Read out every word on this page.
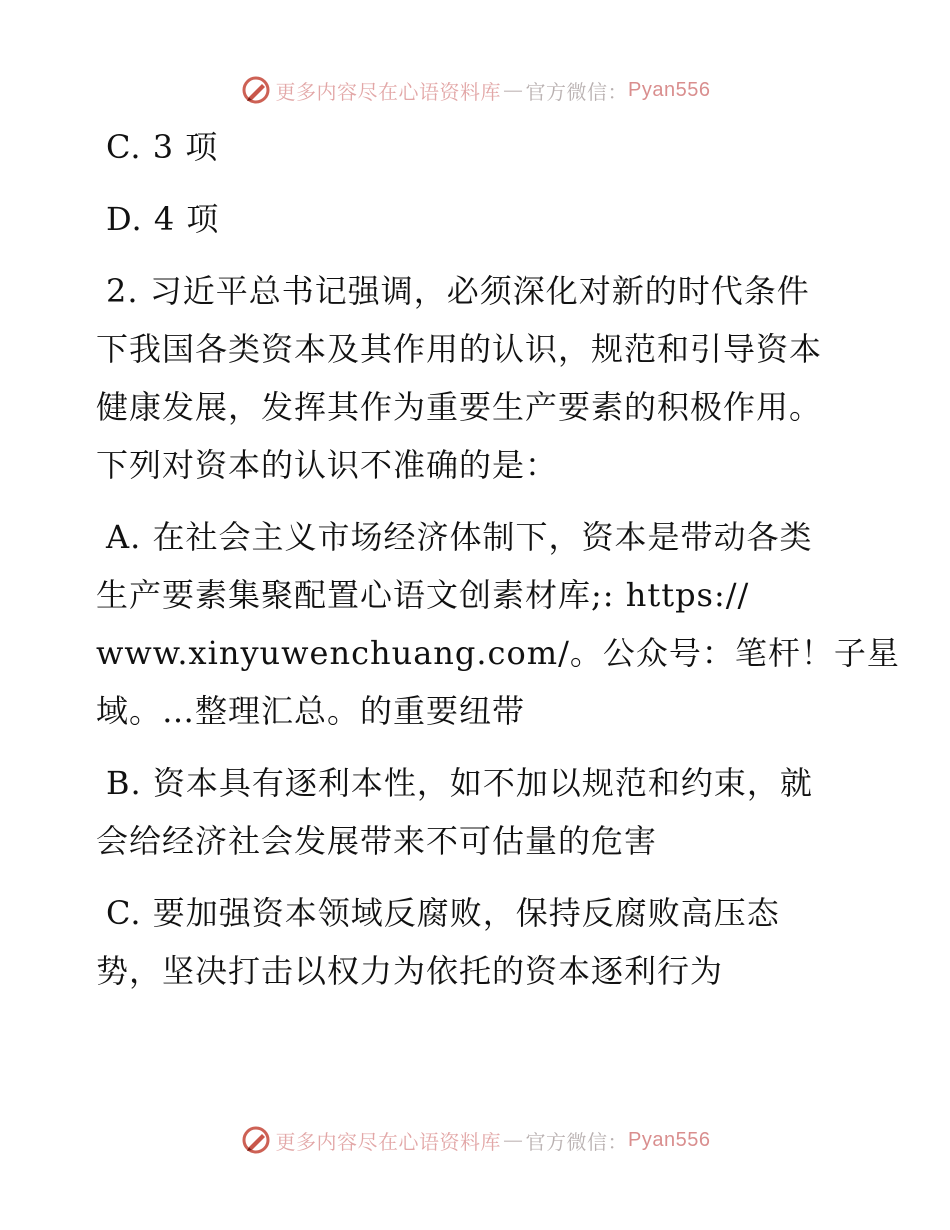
更多内容尽在心语资料库 — 官方微信： Pyan556
C. 3 项
D. 4 项
2. 习近平总书记强调，必须深化对新的时代条件
下我国各类资本及其作用的认识，规范和引导资本
健康发展，发挥其作为重要生产要素的积极作用。
下列对资本的认识不准确的是：
A. 在社会主义市场经济体制下，资本是带动各类
生产要素集聚配置心语文创素材库;: https://
www.xinyuwenchuang.com/。公众号：笔杆！子星
域。…整理汇总。的重要纽带
B. 资本具有逐利本性，如不加以规范和约束，就
会给经济社会发展带来不可估量的危害
C. 要加强资本领域反腐败，保持反腐败高压态
势，坚决打击以权力为依托的资本逐利行为
更多内容尽在心语资料库 — 官方微信： Pyan556
